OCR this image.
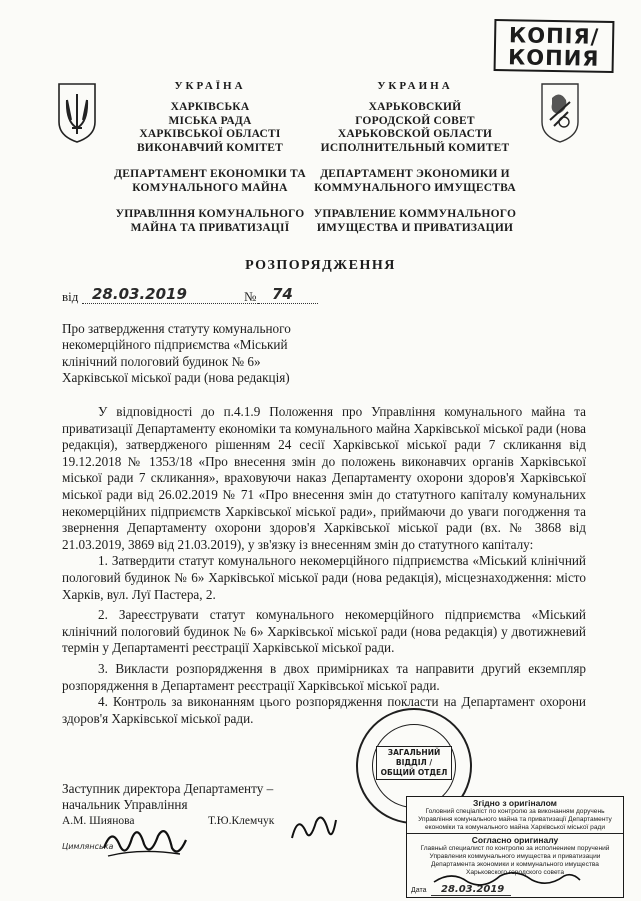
КОПІЯ/
КОПИЯ
УКРАЇНА
ХАРКІВСЬКА
МІСЬКА РАДА
ХАРКІВСЬКОЇ ОБЛАСТІ
ВИКОНАВЧИЙ КОМІТЕТ
ДЕПАРТАМЕНТ ЕКОНОМІКИ ТА
КОМУНАЛЬНОГО МАЙНА
УПРАВЛІННЯ КОМУНАЛЬНОГО
МАЙНА ТА ПРИВАТИЗАЦІЇ
УКРАИНА
ХАРЬКОВСКИЙ
ГОРОДСКОЙ СОВЕТ
ХАРЬКОВСКОЙ ОБЛАСТИ
ИСПОЛНИТЕЛЬНЫЙ КОМИТЕТ
ДЕПАРТАМЕНТ ЭКОНОМИКИ И
КОММУНАЛЬНОГО ИМУЩЕСТВА
УПРАВЛЕНИЕ КОММУНАЛЬНОГО
ИМУЩЕСТВА И ПРИВАТИЗАЦИИ
РОЗПОРЯДЖЕННЯ
від 28.03.2019	№ 74
Про затвердження статуту комунального
некомерційного підприємства «Міський
клінічний пологовий будинок № 6»
Харківської міської ради (нова редакція)

У відповідності до п.4.1.9 Положення про Управління комунального майна та приватизації Департаменту економіки та комунального майна Харківської міської ради (нова редакція), затвердженого рішенням 24 сесії Харківської міської ради 7 скликання від 19.12.2018 № 1353/18 «Про внесення змін до положень виконавчих органів Харківської міської ради 7 скликання», враховуючи наказ Департаменту охорони здоров'я Харківської міської ради від 26.02.2019 № 71 «Про внесення змін до статутного капіталу комунальних некомерційних підприємств Харківської міської ради», приймаючи до уваги погодження та звернення Департаменту охорони здоров'я Харківської міської ради (вх. № 3868 від 21.03.2019, 3869 від 21.03.2019), у зв'язку із внесенням змін до статутного капіталу:

1. Затвердити статут комунального некомерційного підприємства «Міський клінічний пологовий будинок № 6» Харківської міської ради (нова редакція), місцезнаходження: місто Харків, вул. Луї Пастера, 2.

2. Зареєструвати статут комунального некомерційного підприємства «Міський клінічний пологовий будинок № 6» Харківської міської ради (нова редакція) у двотижневий термін у Департаменті реєстрації Харківської міської ради.

3. Викласти розпорядження в двох примірниках та направити другий екземпляр розпорядження в Департамент реєстрації Харківської міської ради.

4. Контроль за виконанням цього розпорядження покласти на Департамент охорони здоров'я Харківської міської ради.

Заступник директора Департаменту –
начальник Управління
А.М. Шиянова	Т.Ю.Клемчук
Цимлянська
ЗАГАЛЬНИЙ
ВІДДІЛ /
ОБЩИЙ ОТДЕЛ
Згідно з оригіналом
Головний спеціаліст по контролю за виконанням доручень Управління комунального майна та приватизації Департаменту економіки та комунального майна Харківської міської ради
Согласно оригиналу
Главный специалист по контролю за исполнением поручений Управления коммунального имущества и приватизации Департамента экономики и коммунального имущества Харьковского городского совета
Дата 28.03.2019
